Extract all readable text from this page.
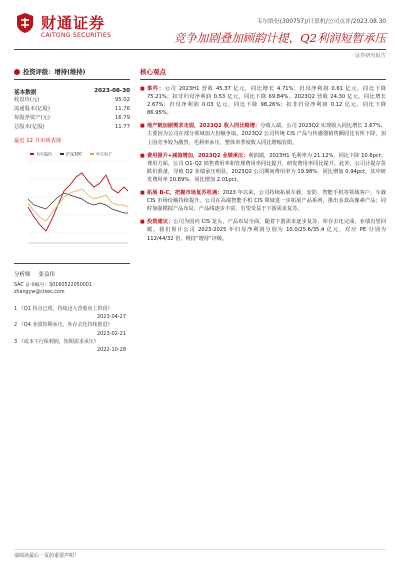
财通证券
CAITONG SECURITIES
韦尔股份(300757)/计算机/公司点评/2023.08.30
竞争加剧叠加顾韵计提，Q2利润短暂承压
证券研究报告
投资评级：增持(维持)
基本数据	2023-08-30
收盘价(元)	95.02
流通股本(亿股)	11.76
每股净资产(元)	16.79
总股本(亿股)	11.77
最近 12 月市场表现
韦尔股份	沪深300	申万电子
分析师 张益伟
SAC 证书编号：S0160522050001
zhangyw@ctsec.com
1 《Q1 拐点已现，持续迈入营收向上阶段》
2023-04-27
2 《Q4 业绩短期承压，库存去化持续推进》
2023-02-21
3 《成本下行保利润，短期需求承压》
2022-10-28
核心观点
■ 事件：公司 2023H1 营收 45.37 亿元，同比增长 4.71%；归母净利润 0.61 亿元，同比下降 75.21%；扣非归母净利润 0.53 亿元，同比下降 69.84%。2023Q2 营收 24.30 亿元，同比增长 2.67%；归母净利润 0.03 亿元，同比下降 98.26%；扣非归母净利润 0.12 亿元，同比下降 86.95%。
■ 地产链加剧需求走弱，2023Q2 收入同比略增：分收入端，公司 2023Q2 实现收入同比增长 2.67%，主要因为公司在部分领域加大份额争取。2023Q2 公司传统 CIS 产品与传感器销售额同比有所下降，加上因竞争较为激烈，毛利率承压，整体单季度收入同比增幅有限。
■ 费用提升+减值增加，2023Q2 业绩承压：利润端，2023H1 毛利率为 21.12%，同比下降 10.6pct；费用方面，公司 Q1-Q2 销售费用率和管理费用率同比提升，研发费用率同比提升。此外，公司计提存货跌价准备，导致 Q2 业绩承压明显。2023Q2 公司期间费用率为 19.98%，同比增加 0.94pct，其中研发费用率 10.89%，同比增加 2.01pct。
■ 拓展 B-C，把握市场复苏机遇：2023 年以来，公司持续拓展车载、安防、智能手机等领域客户，车载 CIS 市场份额持续提升。公司在高端智能手机 CIS 领域进一步拓展产品系列，推出多款高像素产品；同时加强模拟产品布局，产品线逐步丰富，有望受益于下游需求复苏。
■ 投资建议：公司为国内 CIS 龙头，产品布局全面，随着下游需求逐步复苏、库存去化完成，业绩有望回暖。我们预计公司 2023-2025 年归母净利润分别为 10.0/25.6/35.4 亿元，对应 PE 分别为 112/44/32 倍，维持“增持”评级。
请阅读最后一页的重要声明！
